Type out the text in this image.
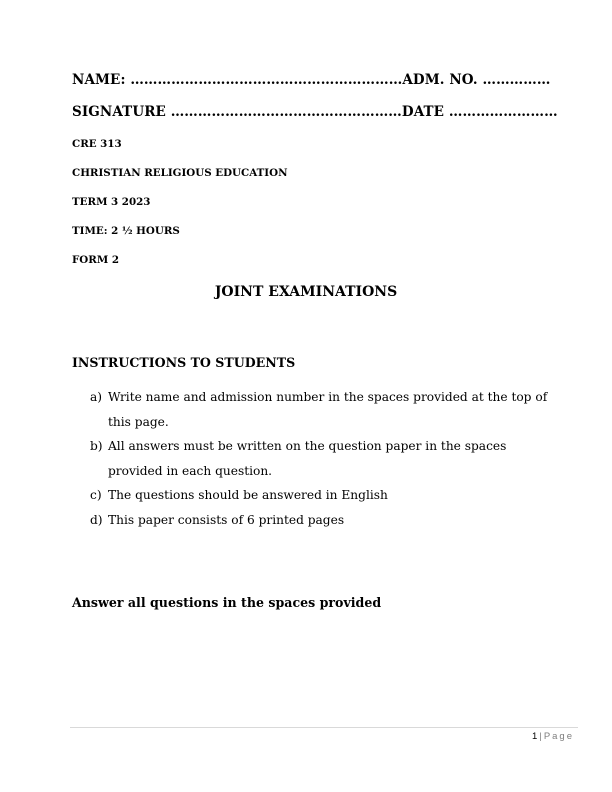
NAME: ……………………………………………………ADM. NO. ……………
SIGNATURE ……………………………………………DATE ……………………
CRE 313
CHRISTIAN RELIGIOUS EDUCATION
TERM 3 2023
TIME: 2 ½ HOURS
FORM 2
JOINT EXAMINATIONS
INSTRUCTIONS TO STUDENTS
a) Write name and admission number in the spaces provided at the top of
this page.
b) All answers must be written on the question paper in the spaces
provided in each question.
c) The questions should be answered in English
d) This paper consists of 6 printed pages
Answer all questions in the spaces provided
1 | Page
